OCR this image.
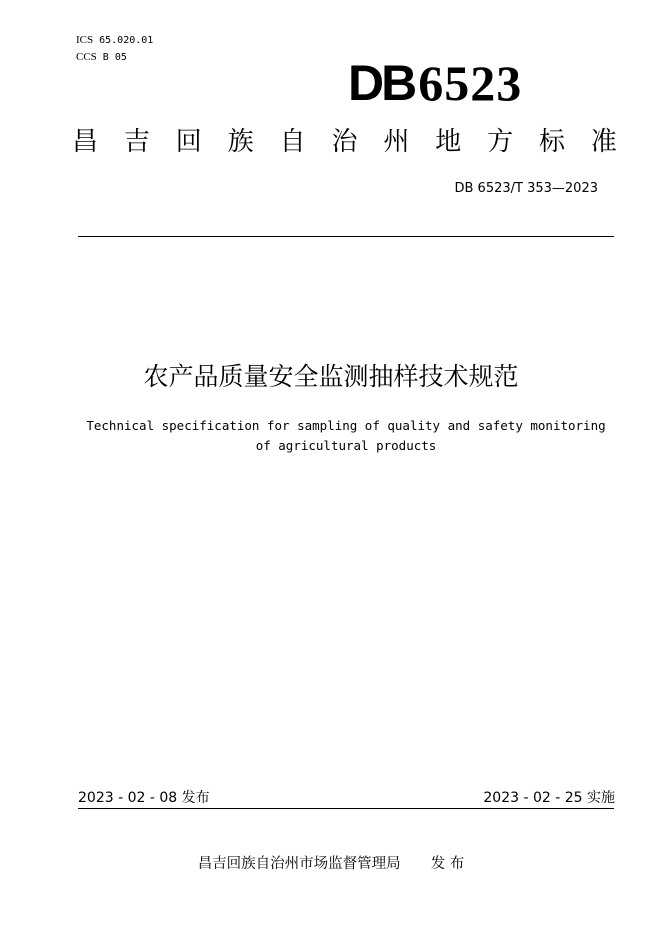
ICS 65.020.01
CCS B 05	DB6523
昌 吉 回 族 自 治 州 地 方 标 准
DB 6523/T 353—2023
农产品质量安全监测抽样技术规范
Technical specification for sampling of quality and safety monitoring
of agricultural products
2023 - 02 - 08 发布	2023 - 02 - 25 实施
昌吉回族自治州市场监督管理局 发 布
